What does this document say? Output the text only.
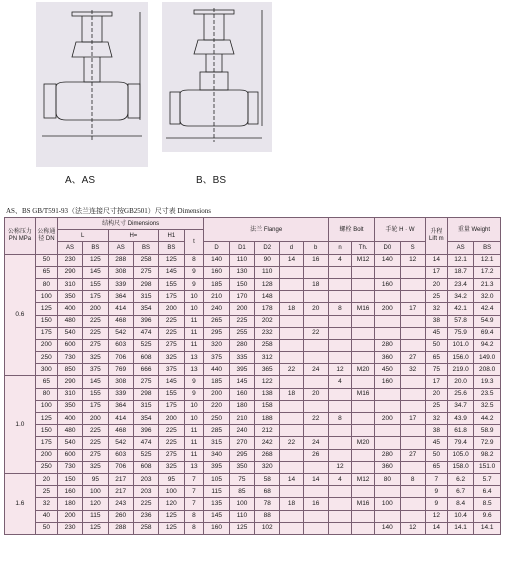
A、AS	B、BS
AS、BS GB/T591-93（法兰连接尺寸按GB2501）尺寸表 Dimensions
公称压力 PN MPa	公称通径 DN	结构尺寸 Dimensions						法兰 Flange					螺栓 Bolt		手轮 H · W		升程 Lift m	重量 Weight	
		L		H=		H1	t												
		AS	BS	AS	BS	BS		D	D1	D2	d	b	n	Th.	D0	S		AS	BS
0.6	50	230	125	288	258	125	8	140	110	90	14	16	4	M12	140	12	14	12.1	12.1
	65	290	145	308	275	145	9	160	130	110							17	18.7	17.2
	80	310	155	339	298	155	9	185	150	128		18			160		20	23.4	21.3
	100	350	175	364	315	175	10	210	170	148							25	34.2	32.0
	125	400	200	414	354	200	10	240	200	178	18	20	8	M16	200	17	32	42.1	42.4
	150	480	225	468	396	225	11	265	225	202							38	57.8	54.9
	175	540	225	542	474	225	11	295	255	232		22					45	75.9	69.4
	200	600	275	603	525	275	11	320	280	258					280		50	101.0	94.2
	250	730	325	706	608	325	13	375	335	312					360	27	65	156.0	149.0
	300	850	375	769	666	375	13	440	395	365	22	24	12	M20	450	32	75	219.0	208.0
1.0	65	290	145	308	275	145	9	185	145	122			4		160		17	20.0	19.3
	80	310	155	339	298	155	9	200	160	138	18	20		M16			20	25.6	23.5
	100	350	175	364	315	175	10	220	180	158							25	34.7	32.5
	125	400	200	414	354	200	10	250	210	188		22	8		200	17	32	43.9	44.2
	150	480	225	468	396	225	11	285	240	212							38	61.8	58.9
	175	540	225	542	474	225	11	315	270	242	22	24		M20			45	79.4	72.9
	200	600	275	603	525	275	11	340	295	268		26			280	27	50	105.0	98.2
	250	730	325	706	608	325	13	395	350	320			12		360		65	158.0	151.0
1.6	20	150	95	217	203	95	7	105	75	58	14	14	4	M12	80	8	7	6.2	5.7
	25	160	100	217	203	100	7	115	85	68							9	6.7	6.4
	32	180	120	243	225	120	7	135	100	78	18	16		M16	100		9	8.4	8.5
	40	200	115	260	236	125	8	145	110	88							12	10.4	9.6
	50	230	125	288	258	125	8	160	125	102					140	12	14	14.1	14.1
